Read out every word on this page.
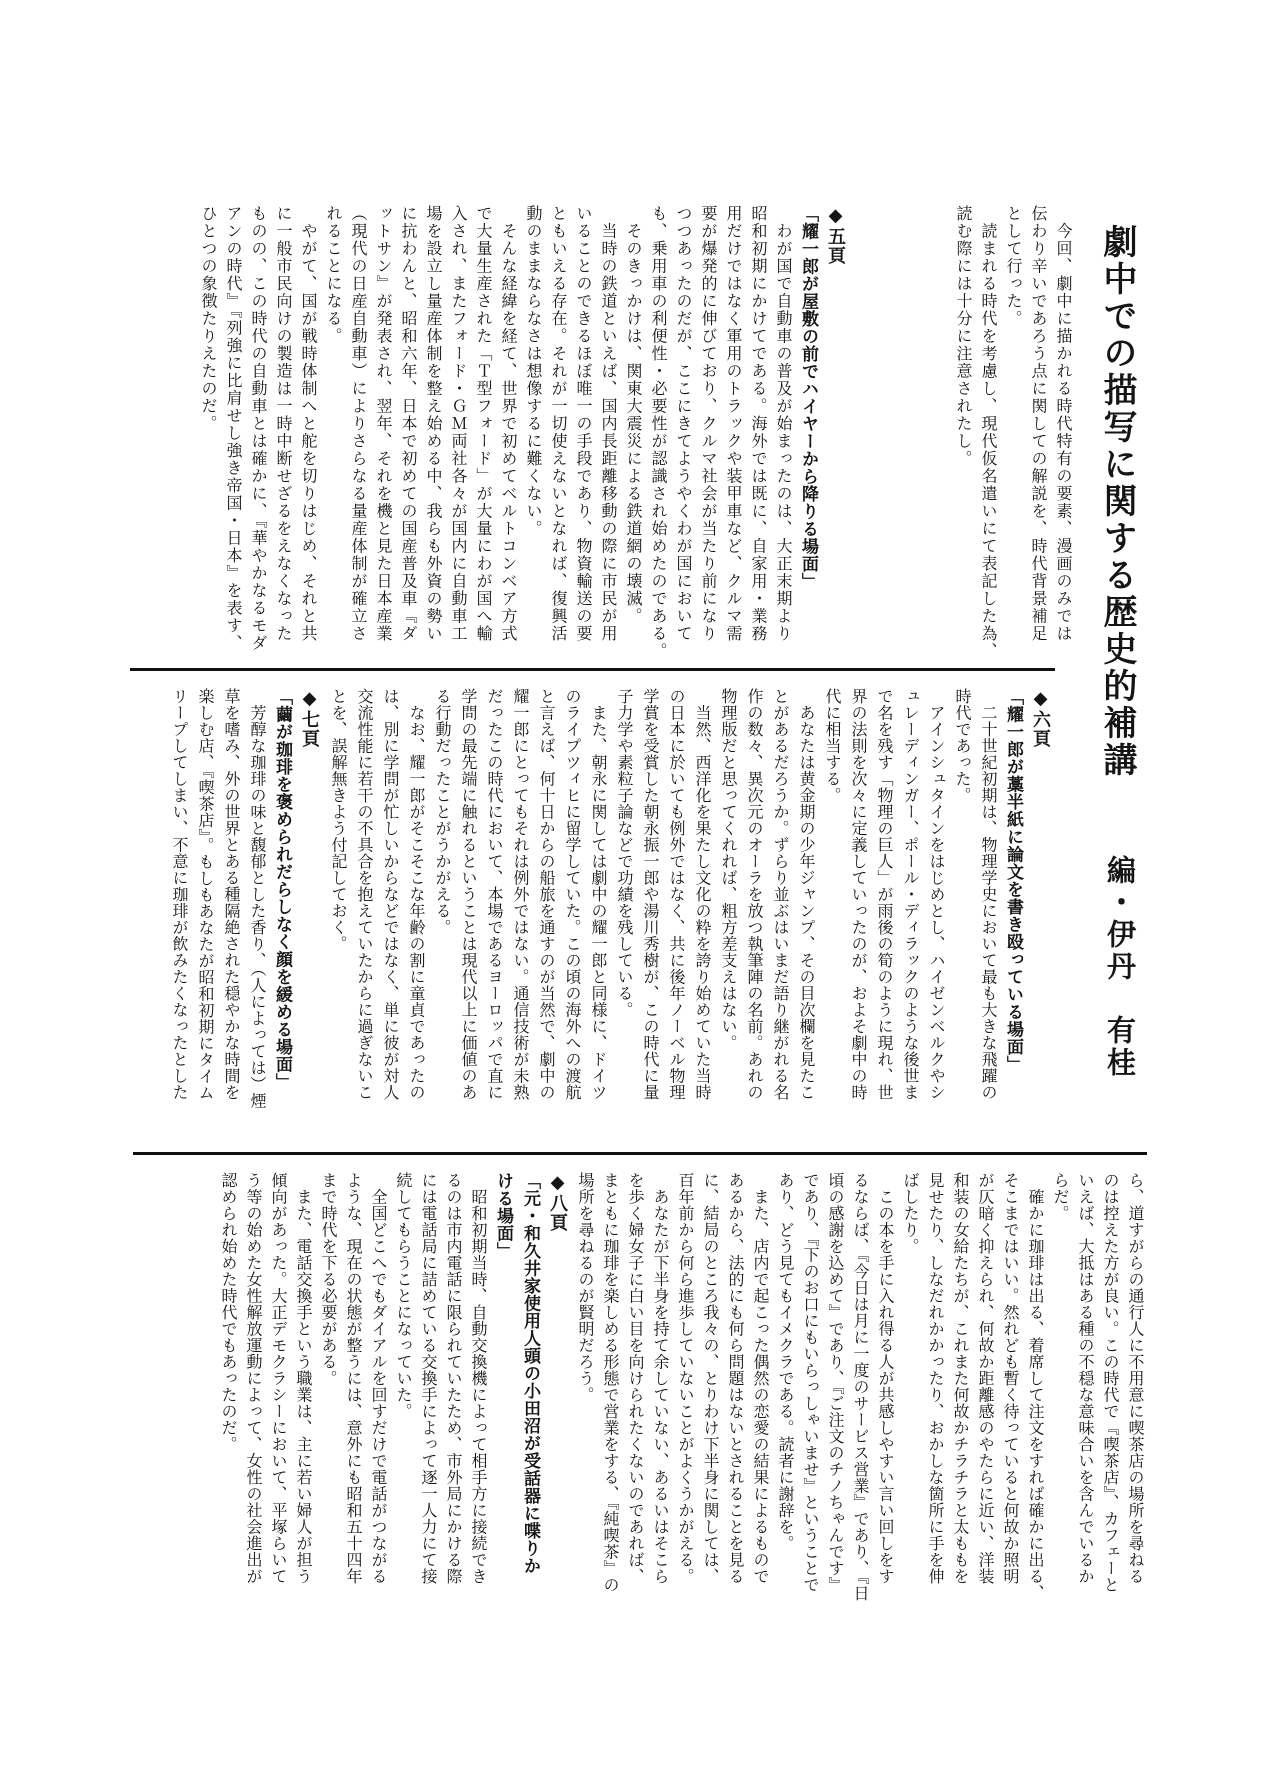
劇中での描写に関する歴史的補講
編・伊丹　有桂

　今回、劇中に描かれる時代特有の要素、漫画のみでは

伝わり辛いであろう点に関しての解説を、時代背景補足

として行った。

　読まれる時代を考慮し、現代仮名遣いにて表記した為、

読む際には十分に注意されたし。

◆五頁

「耀一郎が屋敷の前でハイヤーから降りる場面」

　わが国で自動車の普及が始まったのは、大正末期より

昭和初期にかけてである。海外では既に、自家用・業務

用だけではなく軍用のトラックや装甲車など、クルマ需

要が爆発的に伸びており、クルマ社会が当たり前になり

つつあったのだが、ここにきてようやくわが国において

も、乗用車の利便性・必要性が認識され始めたのである。

　そのきっかけは、関東大震災による鉄道網の壊滅。

　当時の鉄道といえば、国内長距離移動の際に市民が用

いることのできるほぼ唯一の手段であり、物資輸送の要

ともいえる存在。それが一切使えないとなれば、復興活

動のままならなさは想像するに難くない。

　そんな経緯を経て、世界で初めてベルトコンベア方式

で大量生産された「Ｔ型フォード」が大量にわが国へ輸

入され、またフォード・ＧＭ両社各々が国内に自動車工

場を設立し量産体制を整え始める中、我らも外資の勢い

に抗わんと、昭和六年、日本で初めての国産普及車『ダ

ットサン』が発表され、翌年、それを機と見た日本産業

（現代の日産自動車）によりさらなる量産体制が確立さ

れることになる。

　やがて、国が戦時体制へと舵を切りはじめ、それと共

に一般市民向けの製造は一時中断せざるをえなくなった

ものの、この時代の自動車とは確かに、『華やかなるモダ

アンの時代』『列強に比肩せし強き帝国・日本』を表す、

ひとつの象徴たりえたのだ。

◆六頁

「耀一郎が藁半紙に論文を書き殴っている場面」

　二十世紀初期は、物理学史において最も大きな飛躍の

時代であった。

　アインシュタインをはじめとし、ハイゼンベルクやシ

ュレーディンガー、ポール・ディラックのような後世ま

で名を残す「物理の巨人」が雨後の筍のように現れ、世

界の法則を次々に定義していったのが、およそ劇中の時

代に相当する。

　あなたは黄金期の少年ジャンプ、その目次欄を見たこ

とがあるだろうか。ずらり並ぶはいまだ語り継がれる名

作の数々、異次元のオーラを放つ執筆陣の名前。あれの

物理版だと思ってくれれば、粗方差支えはない。

　当然、西洋化を果たし文化の粋を誇り始めていた当時

の日本に於いても例外ではなく、共に後年ノーベル物理

学賞を受賞した朝永振一郎や湯川秀樹が、この時代に量

子力学や素粒子論などで功績を残している。

　また、朝永に関しては劇中の耀一郎と同様に、ドイツ

のライプツィヒに留学していた。この頃の海外への渡航

と言えば、何十日からの船旅を通すのが当然で、劇中の

耀一郎にとってもそれは例外ではない。通信技術が未熟

だったこの時代において、本場であるヨーロッパで直に

学問の最先端に触れるということは現代以上に価値のあ

る行動だったことがうかがえる。

　なお、耀一郎がそこそこな年齢の割に童貞であったの

は、別に学問が忙しいからなどではなく、単に彼が対人

交流性能に若干の不具合を抱えていたからに過ぎないこ

とを、誤解無きよう付記しておく。

◆七頁

「繭が珈琲を褒められだらしなく顔を緩める場面」

　芳醇な珈琲の味と馥郁とした香り、（人によっては）煙

草を嗜み、外の世界とある種隔絶された穏やかな時間を

楽しむ店、『喫茶店』。もしもあなたが昭和初期にタイム

リープしてしまい、不意に珈琲が飲みたくなったとした

ら、道すがらの通行人に不用意に喫茶店の場所を尋ねる

のは控えた方が良い。この時代で『喫茶店』、カフェーと

いえば、大抵はある種の不穏な意味合いを含んでいるか

らだ。

　確かに珈琲は出る、着席して注文をすれば確かに出る、

そこまではいい。然れども暫く待っていると何故か照明

が仄暗く抑えられ、何故か距離感のやたらに近い、洋装

和装の女給たちが、これまた何故かチラチラと太ももを

見せたり、しなだれかかったり、おかしな箇所に手を伸

ばしたり。

　この本を手に入れ得る人が共感しやすい言い回しをす

るならば、『今日は月に一度のサービス営業』であり、『日

頃の感謝を込めて』であり、『ご注文のチノちゃんです』

であり、『下のお口にもいらっしゃいませ』ということで

あり、どう見てもイメクラである。読者に謝辞を。

　また、店内で起こった偶然の恋愛の結果によるもので

あるから、法的にも何ら問題はないとされることを見る

に、結局のところ我々の、とりわけ下半身に関しては、

百年前から何ら進歩していないことがよくうかがえる。

　あなたが下半身を持て余していない、あるいはそこら

を歩く婦女子に白い目を向けられたくないのであれば、

まともに珈琲を楽しめる形態で営業をする、『純喫茶』の

場所を尋ねるのが賢明だろう。

◆八頁

「元・和久井家使用人頭の小田沼が受話器に喋りか

ける場面」

　昭和初期当時、自動交換機によって相手方に接続でき

るのは市内電話に限られていたため、市外局にかける際

には電話局に詰めている交換手によって逐一人力にて接

続してもらうことになっていた。

　全国どこへでもダイアルを回すだけで電話がつながる

ような、現在の状態が整うには、意外にも昭和五十四年

まで時代を下る必要がある。

　また、電話交換手という職業は、主に若い婦人が担う

傾向があった。大正デモクラシーにおいて、平塚らいて

う等の始めた女性解放運動によって、女性の社会進出が

認められ始めた時代でもあったのだ。
